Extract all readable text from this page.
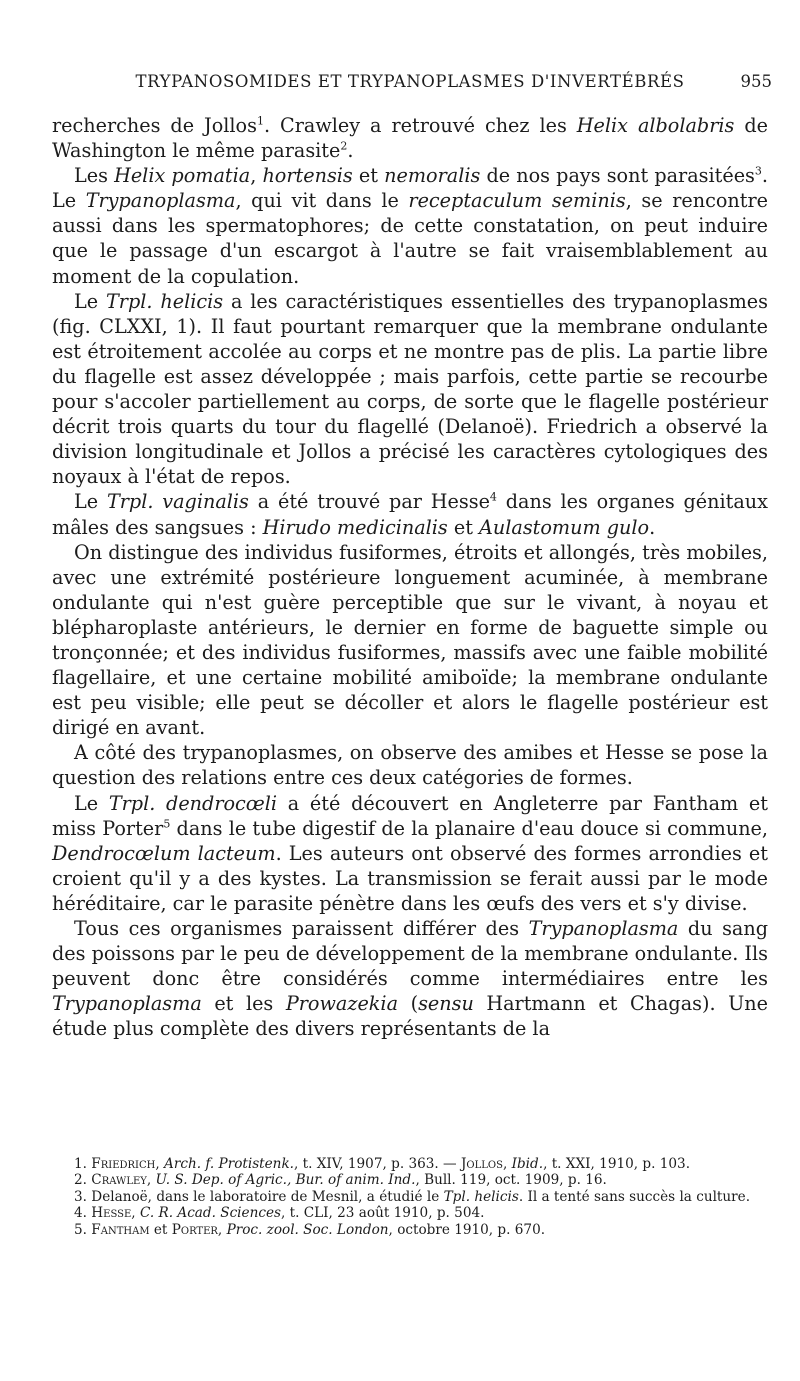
TRYPANOSOMIDES ET TRYPANOPLASMES D'INVERTÉBRÉS	955

recherches de Jollos$^1$. Crawley a retrouvé chez les Helix albolabris de Washington le même parasite$^2$.

Les Helix pomatia, hortensis et nemoralis de nos pays sont parasitées$^3$. Le Trypanoplasma, qui vit dans le receptaculum seminis, se rencontre aussi dans les spermatophores; de cette constatation, on peut induire que le passage d'un escargot à l'autre se fait vraisemblablement au moment de la copulation.

Le Trpl. helicis a les caractéristiques essentielles des trypanoplasmes (fig. CLXXI, 1). Il faut pourtant remarquer que la membrane ondulante est étroitement accolée au corps et ne montre pas de plis. La partie libre du flagelle est assez développée ; mais parfois, cette partie se recourbe pour s'accoler partiellement au corps, de sorte que le flagelle postérieur décrit trois quarts du tour du flagellé (Delanoë). Friedrich a observé la division longitudinale et Jollos a précisé les caractères cytologiques des noyaux à l'état de repos.

Le Trpl. vaginalis a été trouvé par Hesse$^4$ dans les organes génitaux mâles des sangsues : Hirudo medicinalis et Aulastomum gulo.

On distingue des individus fusiformes, étroits et allongés, très mobiles, avec une extrémité postérieure longuement acuminée, à membrane ondulante qui n'est guère perceptible que sur le vivant, à noyau et blépharoplaste antérieurs, le dernier en forme de baguette simple ou tronçonnée; et des individus fusiformes, massifs avec une faible mobilité flagellaire, et une certaine mobilité amiboïde; la membrane ondulante est peu visible; elle peut se décoller et alors le flagelle postérieur est dirigé en avant.

A côté des trypanoplasmes, on observe des amibes et Hesse se pose la question des relations entre ces deux catégories de formes.

Le Trpl. dendrocœli a été découvert en Angleterre par Fantham et miss Porter$^5$ dans le tube digestif de la planaire d'eau douce si commune, Dendrocœlum lacteum. Les auteurs ont observé des formes arrondies et croient qu'il y a des kystes. La transmission se ferait aussi par le mode héréditaire, car le parasite pénètre dans les œufs des vers et s'y divise.

Tous ces organismes paraissent différer des Trypanoplasma du sang des poissons par le peu de développement de la membrane ondulante. Ils peuvent donc être considérés comme intermédiaires entre les Trypanoplasma et les Prowazekia (sensu Hartmann et Chagas). Une étude plus complète des divers représentants de la

1. Friedrich, Arch. f. Protistenk., t. XIV, 1907, p. 363. — Jollos, Ibid., t. XXI, 1910, p. 103.

2. Crawley, U. S. Dep. of Agric., Bur. of anim. Ind., Bull. 119, oct. 1909, p. 16.

3. Delanoë, dans le laboratoire de Mesnil, a étudié le Tpl. helicis. Il a tenté sans succès la culture.

4. Hesse, C. R. Acad. Sciences, t. CLI, 23 août 1910, p. 504.

5. Fantham et Porter, Proc. zool. Soc. London, octobre 1910, p. 670.
